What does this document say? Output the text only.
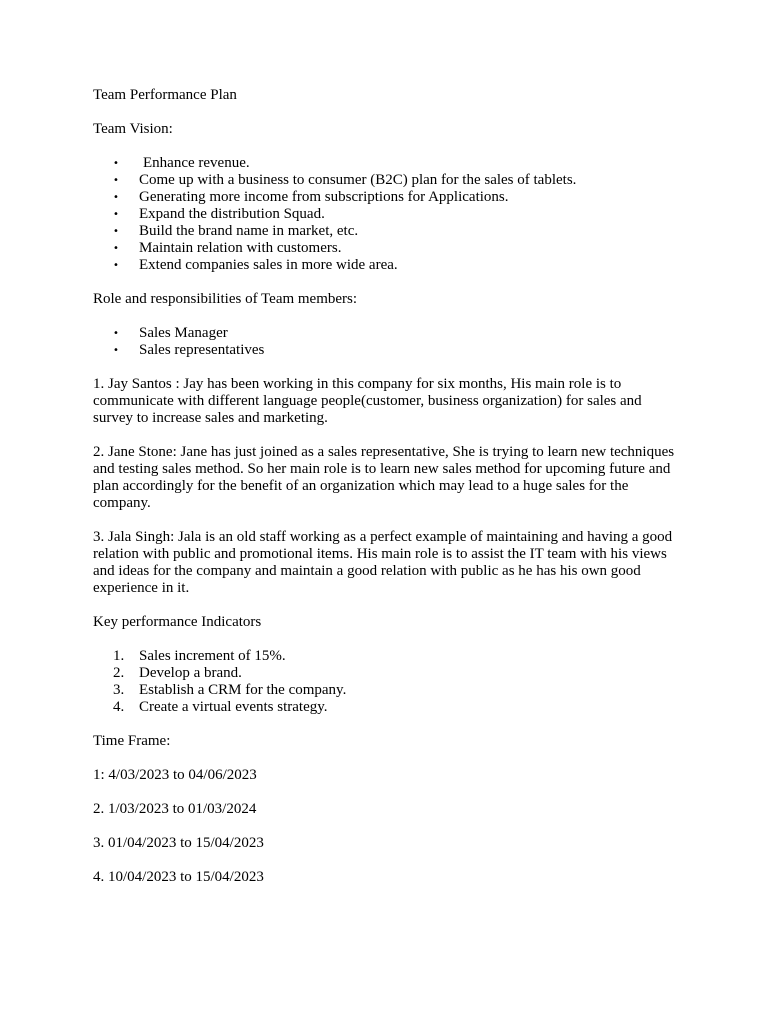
Team Performance Plan

Team Vision:

• Enhance revenue.
• Come up with a business to consumer (B2C) plan for the sales of tablets.
• Generating more income from subscriptions for Applications.
• Expand the distribution Squad.
• Build the brand name in market, etc.
• Maintain relation with customers.
• Extend companies sales in more wide area.

Role and responsibilities of Team members:

• Sales Manager
• Sales representatives

1. Jay Santos : Jay has been working in this company for six months, His main role is to communicate with different language people(customer, business organization) for sales and survey to increase sales and marketing.

2. Jane Stone: Jane has just joined as a sales representative, She is trying to learn new techniques and testing sales method. So her main role is to learn new sales method for upcoming future and plan accordingly for the benefit of an organization which may lead to a huge sales for the company.

3. Jala Singh: Jala is an old staff working as a perfect example of maintaining and having a good relation with public and promotional items. His main role is to assist the IT team with his views and ideas for the company and maintain a good relation with public as he has his own good experience in it.

Key performance Indicators

1. Sales increment of 15%.
2. Develop a brand.
3. Establish a CRM for the company.
4. Create a virtual events strategy.

Time Frame:

1: 4/03/2023 to 04/06/2023

2. 1/03/2023 to 01/03/2024

3. 01/04/2023 to 15/04/2023

4. 10/04/2023 to 15/04/2023
